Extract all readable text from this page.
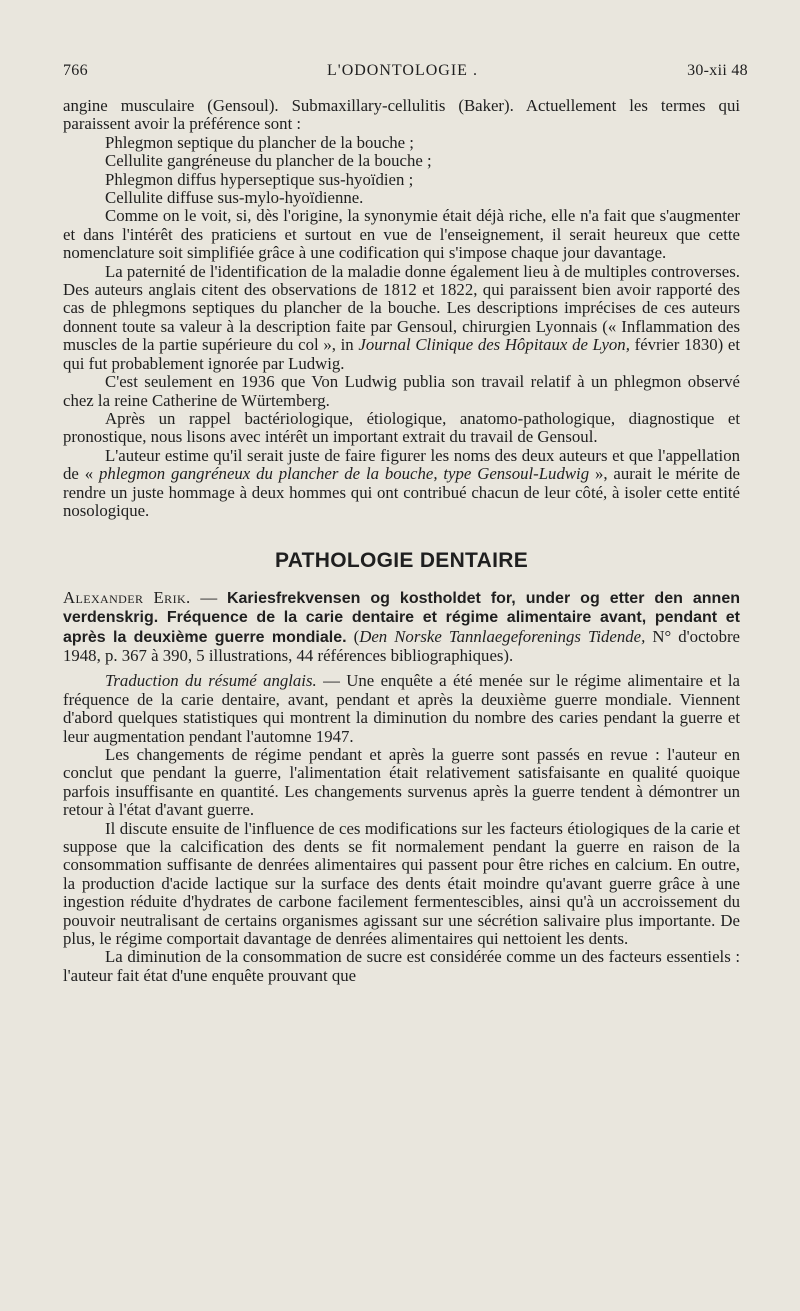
766	L'ODONTOLOGIE .	30-xii 48

angine musculaire (Gensoul). Submaxillary-cellulitis (Baker). Actuellement les termes qui paraissent avoir la préférence sont :

Phlegmon septique du plancher de la bouche ;

Cellulite gangréneuse du plancher de la bouche ;

Phlegmon diffus hyperseptique sus-hyoïdien ;

Cellulite diffuse sus-mylo-hyoïdienne.

Comme on le voit, si, dès l'origine, la synonymie était déjà riche, elle n'a fait que s'augmenter et dans l'intérêt des praticiens et surtout en vue de l'enseignement, il serait heureux que cette nomenclature soit simplifiée grâce à une codification qui s'impose chaque jour davantage.

La paternité de l'identification de la maladie donne également lieu à de multiples controverses. Des auteurs anglais citent des observations de 1812 et 1822, qui paraissent bien avoir rapporté des cas de phlegmons septiques du plancher de la bouche. Les descriptions imprécises de ces auteurs donnent toute sa valeur à la description faite par Gensoul, chirurgien Lyonnais (« Inflammation des muscles de la partie supérieure du col », in Journal Clinique des Hôpitaux de Lyon, février 1830) et qui fut probablement ignorée par Ludwig.

C'est seulement en 1936 que Von Ludwig publia son travail relatif à un phlegmon observé chez la reine Catherine de Würtemberg.

Après un rappel bactériologique, étiologique, anatomo-pathologique, diagnostique et pronostique, nous lisons avec intérêt un important extrait du travail de Gensoul.

L'auteur estime qu'il serait juste de faire figurer les noms des deux auteurs et que l'appellation de « phlegmon gangréneux du plancher de la bouche, type Gensoul-Ludwig », aurait le mérite de rendre un juste hommage à deux hommes qui ont contribué chacun de leur côté, à isoler cette entité nosologique.

PATHOLOGIE DENTAIRE

Alexander Erik. — Kariesfrekvensen og kostholdet for, under og etter den annen verdenskrig. Fréquence de la carie dentaire et régime alimentaire avant, pendant et après la deuxième guerre mondiale. (Den Norske Tannlaegeforenings Tidende, N° d'octobre 1948, p. 367 à 390, 5 illustrations, 44 références bibliographiques).

Traduction du résumé anglais. — Une enquête a été menée sur le régime alimentaire et la fréquence de la carie dentaire, avant, pendant et après la deuxième guerre mondiale. Viennent d'abord quelques statistiques qui montrent la diminution du nombre des caries pendant la guerre et leur augmentation pendant l'automne 1947.

Les changements de régime pendant et après la guerre sont passés en revue : l'auteur en conclut que pendant la guerre, l'alimentation était relativement satisfaisante en qualité quoique parfois insuffisante en quantité. Les changements survenus après la guerre tendent à démontrer un retour à l'état d'avant guerre.

Il discute ensuite de l'influence de ces modifications sur les facteurs étiologiques de la carie et suppose que la calcification des dents se fit normalement pendant la guerre en raison de la consommation suffisante de denrées alimentaires qui passent pour être riches en calcium. En outre, la production d'acide lactique sur la surface des dents était moindre qu'avant guerre grâce à une ingestion réduite d'hydrates de carbone facilement fermentescibles, ainsi qu'à un accroissement du pouvoir neutralisant de certains organismes agissant sur une sécrétion salivaire plus importante. De plus, le régime comportait davantage de denrées alimentaires qui nettoient les dents.

La diminution de la consommation de sucre est considérée comme un des facteurs essentiels : l'auteur fait état d'une enquête prouvant que
